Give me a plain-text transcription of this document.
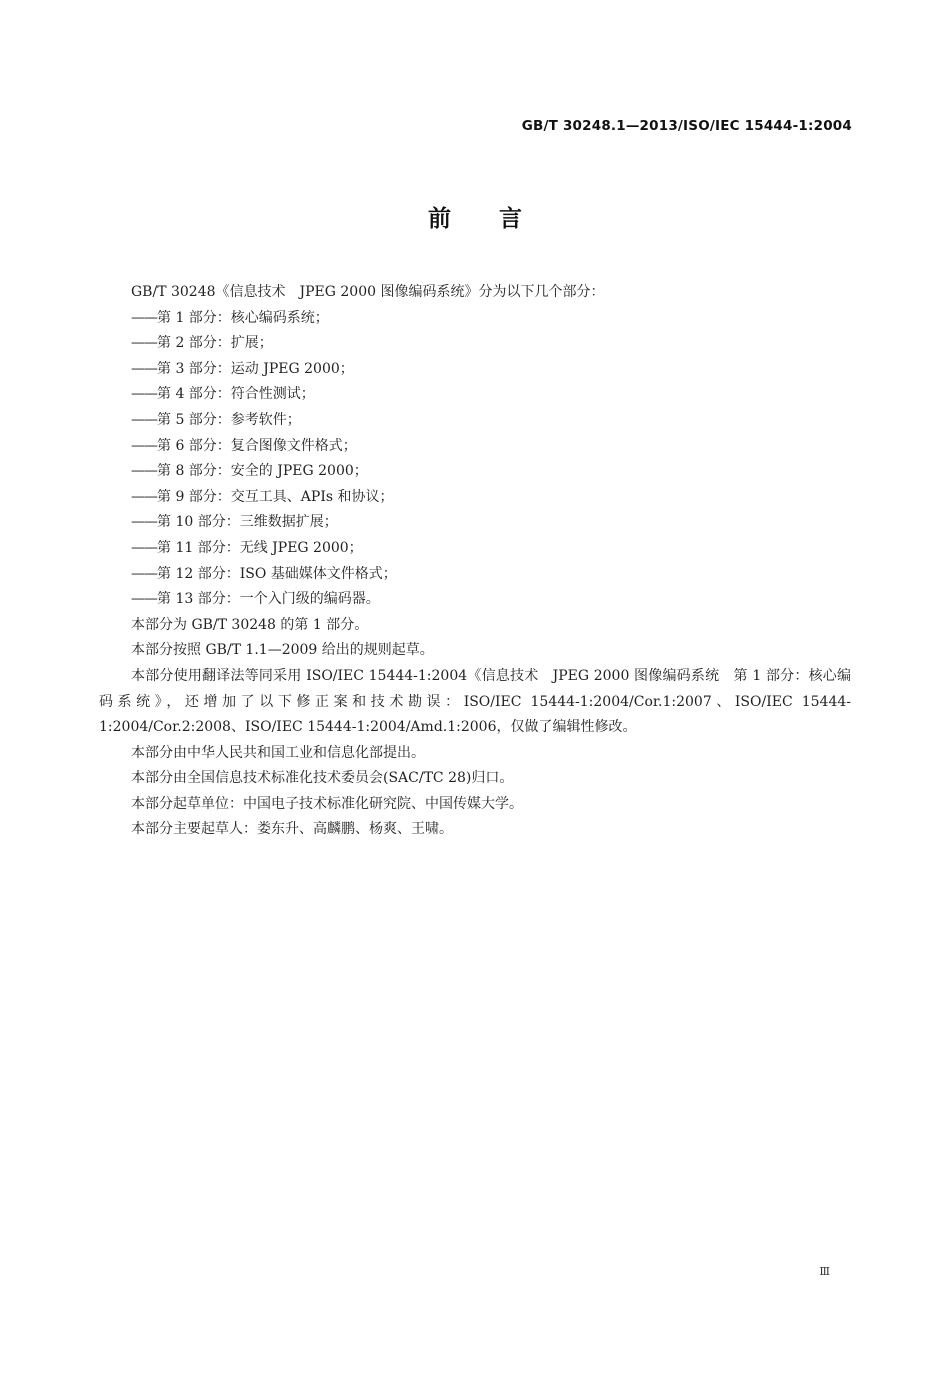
GB/T 30248.1—2013/ISO/IEC 15444-1:2004
前言

GB/T 30248《信息技术　JPEG 2000 图像编码系统》分为以下几个部分：

——第 1 部分：核心编码系统；
——第 2 部分：扩展；
——第 3 部分：运动 JPEG 2000；
——第 4 部分：符合性测试；
——第 5 部分：参考软件；
——第 6 部分：复合图像文件格式；
——第 8 部分：安全的 JPEG 2000；
——第 9 部分：交互工具、APIs 和协议；
——第 10 部分：三维数据扩展；
——第 11 部分：无线 JPEG 2000；
——第 12 部分：ISO 基础媒体文件格式；
——第 13 部分：一个入门级的编码器。

本部分为 GB/T 30248 的第 1 部分。

本部分按照 GB/T 1.1—2009 给出的规则起草。

本部分使用翻译法等同采用 ISO/IEC 15444-1:2004《信息技术　JPEG 2000 图像编码系统　第 1 部分：核心编码系统》，还增加了以下修正案和技术勘误：ISO/IEC 15444-1:2004/Cor.1:2007、ISO/IEC 15444-1:2004/Cor.2:2008、ISO/IEC 15444-1:2004/Amd.1:2006，仅做了编辑性修改。

本部分由中华人民共和国工业和信息化部提出。

本部分由全国信息技术标准化技术委员会(SAC/TC 28)归口。

本部分起草单位：中国电子技术标准化研究院、中国传媒大学。

本部分主要起草人：娄东升、高麟鹏、杨爽、王啸。

Ⅲ
